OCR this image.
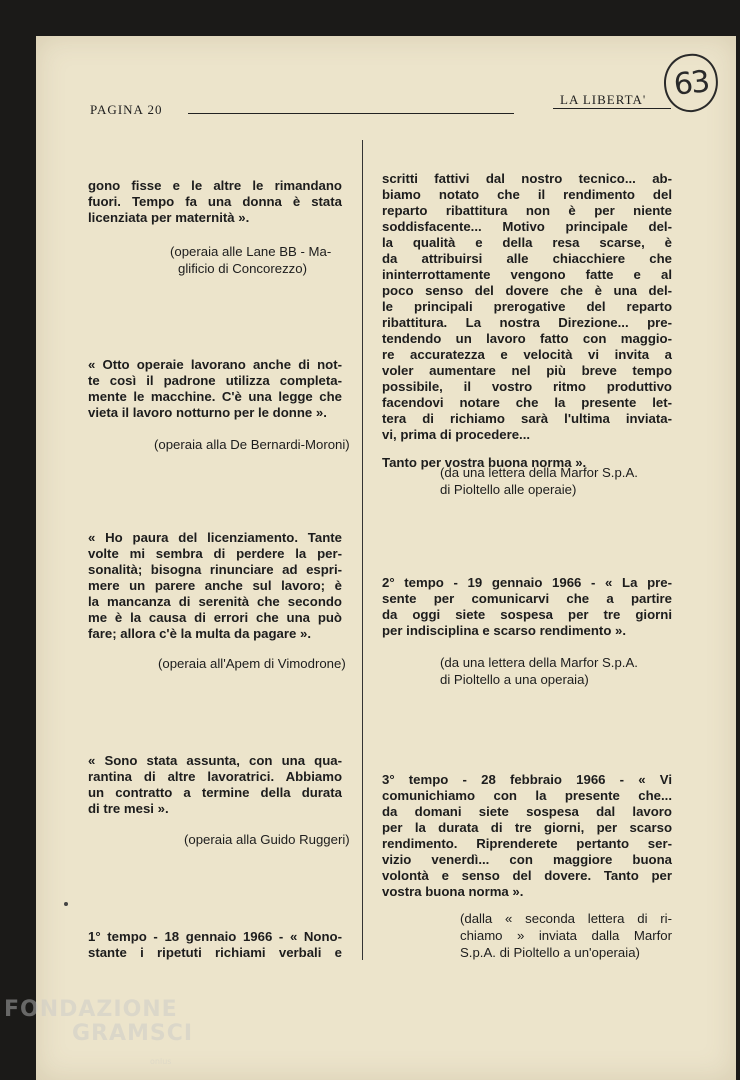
63
PAGINA 20
LA LIBERTA'
gono fisse e le altre le rimandano
fuori. Tempo fa una donna è stata
licenziata per maternità ».
(operaia alle Lane BB - Ma-
glificio di Concorezzo)
« Otto operaie lavorano anche di not-
te così il padrone utilizza completa-
mente le macchine. C'è una legge che
vieta il lavoro notturno per le donne ».
(operaia alla De Bernardi-Moroni)
« Ho paura del licenziamento. Tante
volte mi sembra di perdere la per-
sonalità; bisogna rinunciare ad espri-
mere un parere anche sul lavoro; è
la mancanza di serenità che secondo
me è la causa di errori che una può
fare; allora c'è la multa da pagare ».
(operaia all'Apem di Vimodrone)
« Sono stata assunta, con una qua-
rantina di altre lavoratrici. Abbiamo
un contratto a termine della durata
di tre mesi ».
(operaia alla Guido Ruggeri)
1° tempo - 18 gennaio 1966 - « Nono-
stante i ripetuti richiami verbali e
scritti fattivi dal nostro tecnico... ab-
biamo notato che il rendimento del
reparto ribattitura non è per niente
soddisfacente... Motivo principale del-
la qualità e della resa scarse, è
da attribuirsi alle chiacchiere che
ininterrottamente vengono fatte e al
poco senso del dovere che è una del-
le principali prerogative del reparto
ribattitura. La nostra Direzione... pre-
tendendo un lavoro fatto con maggio-
re accuratezza e velocità vi invita a
voler aumentare nel più breve tempo
possibile, il vostro ritmo produttivo
facendovi notare che la presente let-
tera di richiamo sarà l'ultima inviata-
vi, prima di procedere...
Tanto per vostra buona norma ».
(da una lettera della Marfor S.p.A.
di Pioltello alle operaie)
2° tempo - 19 gennaio 1966 - « La pre-
sente per comunicarvi che a partire
da oggi siete sospesa per tre giorni
per indisciplina e scarso rendimento ».
(da una lettera della Marfor S.p.A.
di Pioltello a una operaia)
3° tempo - 28 febbraio 1966 - « Vi
comunichiamo con la presente che...
da domani siete sospesa dal lavoro
per la durata di tre giorni, per scarso
rendimento. Riprenderete pertanto ser-
vizio venerdì... con maggiore buona
volontà e senso del dovere. Tanto per
vostra buona norma ».
(dalla « seconda lettera di ri-
chiamo » inviata dalla Marfor
S.p.A. di Pioltello a un'operaia)
FONDAZIONE
GRAMSCI
onlus
